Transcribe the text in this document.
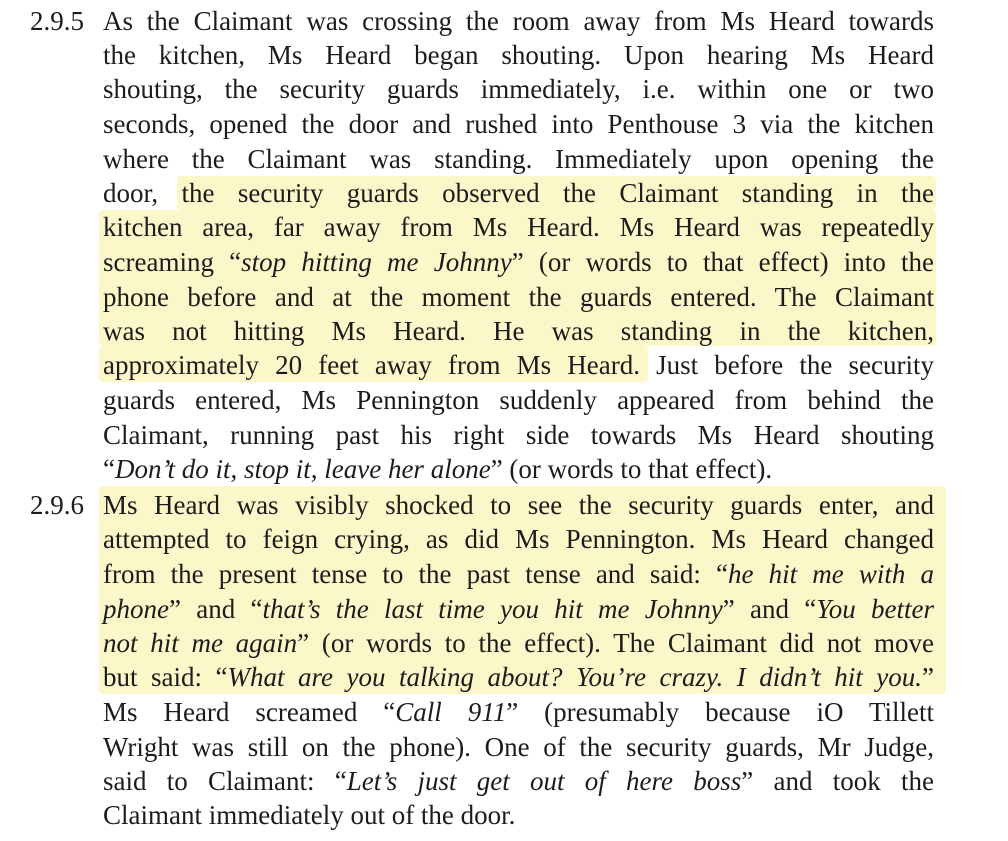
2.9.5 As the Claimant was crossing the room away from Ms Heard towards
the kitchen, Ms Heard began shouting. Upon hearing Ms Heard
shouting, the security guards immediately, i.e. within one or two
seconds, opened the door and rushed into Penthouse 3 via the kitchen
where the Claimant was standing. Immediately upon opening the
door, the security guards observed the Claimant standing in the
kitchen area, far away from Ms Heard. Ms Heard was repeatedly
screaming “stop hitting me Johnny” (or words to that effect) into the
phone before and at the moment the guards entered. The Claimant
was not hitting Ms Heard. He was standing in the kitchen,
approximately 20 feet away from Ms Heard. Just before the security
guards entered, Ms Pennington suddenly appeared from behind the
Claimant, running past his right side towards Ms Heard shouting
“Don’t do it, stop it, leave her alone” (or words to that effect).
2.9.6 Ms Heard was visibly shocked to see the security guards enter, and
attempted to feign crying, as did Ms Pennington. Ms Heard changed
from the present tense to the past tense and said: “he hit me with a
phone” and “that’s the last time you hit me Johnny” and “You better
not hit me again” (or words to the effect). The Claimant did not move
but said: “What are you talking about? You’re crazy. I didn’t hit you.”
Ms Heard screamed “Call 911” (presumably because iO Tillett
Wright was still on the phone). One of the security guards, Mr Judge,
said to Claimant: “Let’s just get out of here boss” and took the
Claimant immediately out of the door.
